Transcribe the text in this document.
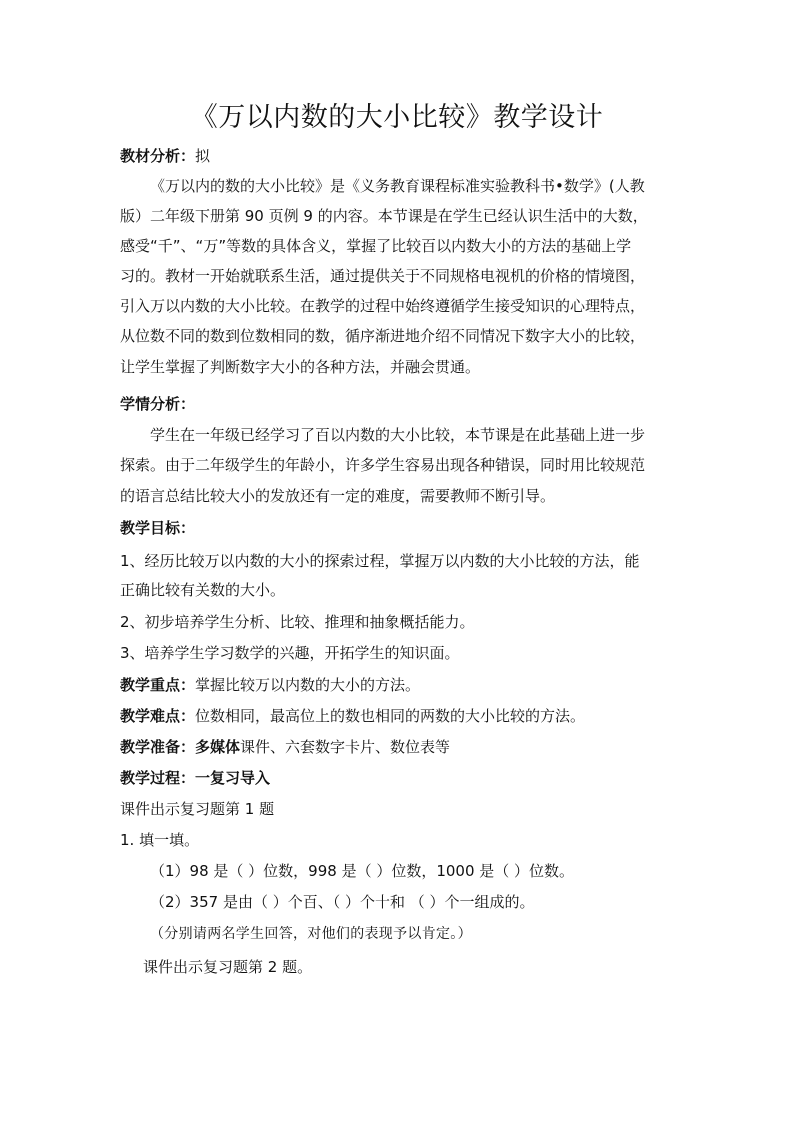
《万以内数的大小比较》教学设计
教材分析：拟
《万以内的数的大小比较》是《义务教育课程标准实验教科书•数学》(人教
版）二年级下册第 90 页例 9 的内容。本节课是在学生已经认识生活中的大数，
感受“千”、“万”等数的具体含义，掌握了比较百以内数大小的方法的基础上学
习的。教材一开始就联系生活，通过提供关于不同规格电视机的价格的情境图，
引入万以内数的大小比较。在教学的过程中始终遵循学生接受知识的心理特点，
从位数不同的数到位数相同的数，循序渐进地介绍不同情况下数字大小的比较，
让学生掌握了判断数字大小的各种方法，并融会贯通。
学情分析：
学生在一年级已经学习了百以内数的大小比较，本节课是在此基础上进一步
探索。由于二年级学生的年龄小，许多学生容易出现各种错误，同时用比较规范
的语言总结比较大小的发放还有一定的难度，需要教师不断引导。
教学目标：
1、经历比较万以内数的大小的探索过程，掌握万以内数的大小比较的方法，能
正确比较有关数的大小。
2、初步培养学生分析、比较、推理和抽象概括能力。
3、培养学生学习数学的兴趣，开拓学生的知识面。
教学重点：掌握比较万以内数的大小的方法。
教学难点：位数相同，最高位上的数也相同的两数的大小比较的方法。
教学准备：多媒体课件、六套数字卡片、数位表等
教学过程：一复习导入
课件出示复习题第 1 题
1. 填一填。
（1）98 是（ ）位数，998 是（ ）位数，1000 是（ ）位数。
（2）357 是由（ ）个百、（ ）个十和 （ ）个一组成的。
（分别请两名学生回答，对他们的表现予以肯定。）
课件出示复习题第 2 题。
